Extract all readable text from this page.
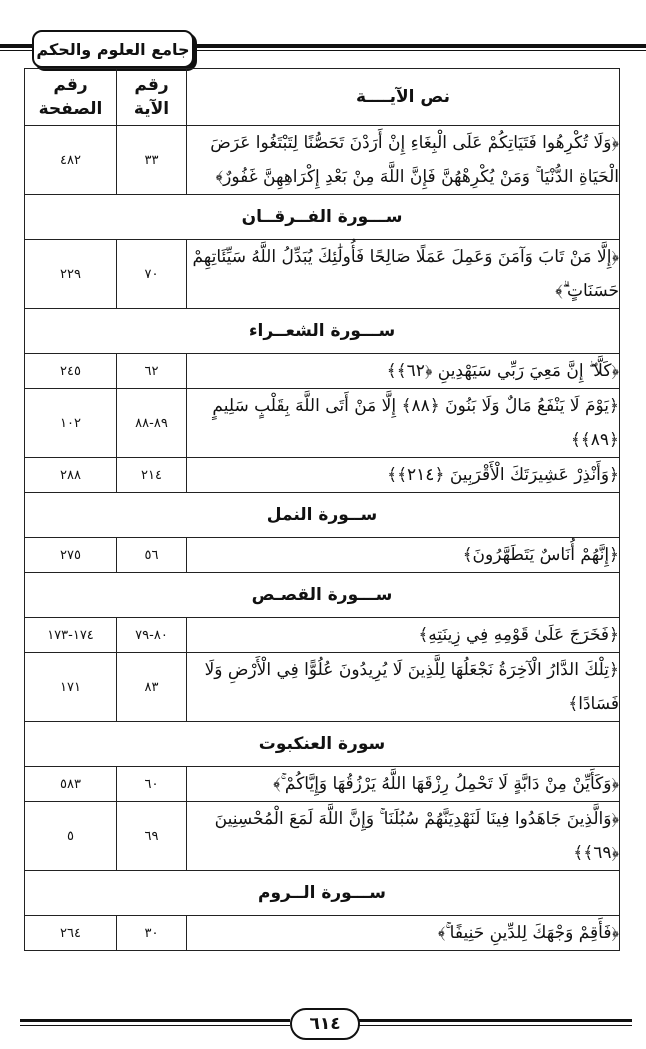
جامع العلوم والحكم
نص الآيــــة	رقم الآية	رقم الصفحة
﴿وَلَا تُكْرِهُوا فَتَيَاتِكُمْ عَلَى الْبِغَاءِ إِنْ أَرَدْنَ تَحَصُّنًا لِتَبْتَغُوا عَرَضَ الْحَيَاةِ الدُّنْيَا ۚ وَمَنْ يُكْرِهْهُنَّ فَإِنَّ اللَّهَ مِنْ بَعْدِ إِكْرَاهِهِنَّ غَفُورٌ﴾	٣٣	٤٨٢
ســـورة الفــرقــان		
﴿إِلَّا مَنْ تَابَ وَآمَنَ وَعَمِلَ عَمَلًا صَالِحًا فَأُولَٰئِكَ يُبَدِّلُ اللَّهُ سَيِّئَاتِهِمْ حَسَنَاتٍ ۗ﴾	٧٠	٢٢٩
ســـورة الشعــراء		
﴿كَلَّا ۖ إِنَّ مَعِيَ رَبِّي سَيَهْدِينِ ﴿٦٢﴾﴾	٦٢	٢٤٥
﴿يَوْمَ لَا يَنْفَعُ مَالٌ وَلَا بَنُونَ ﴿٨٨﴾ إِلَّا مَنْ أَتَى اللَّهَ بِقَلْبٍ سَلِيمٍ ﴿٨٩﴾﴾	٨٩-٨٨	١٠٢
﴿وَأَنْذِرْ عَشِيرَتَكَ الْأَقْرَبِينَ ﴿٢١٤﴾﴾	٢١٤	٢٨٨
ســورة النمل		
﴿إِنَّهُمْ أُنَاسٌ يَتَطَهَّرُونَ﴾	٥٦	٢٧٥
ســـورة القصـص		
﴿فَخَرَجَ عَلَىٰ قَوْمِهِ فِي زِينَتِهِ﴾	٨٠-٧٩	١٧٤-١٧٣
﴿تِلْكَ الدَّارُ الْآخِرَةُ نَجْعَلُهَا لِلَّذِينَ لَا يُرِيدُونَ عُلُوًّا فِي الْأَرْضِ وَلَا فَسَادًا﴾	٨٣	١٧١
سورة العنكبوت		
﴿وَكَأَيِّنْ مِنْ دَابَّةٍ لَا تَحْمِلُ رِزْقَهَا اللَّهُ يَرْزُقُهَا وَإِيَّاكُمْ ۚ﴾	٦٠	٥٨٣
﴿وَالَّذِينَ جَاهَدُوا فِينَا لَنَهْدِيَنَّهُمْ سُبُلَنَا ۚ وَإِنَّ اللَّهَ لَمَعَ الْمُحْسِنِينَ ﴿٦٩﴾﴾	٦٩	٥
ســـورة الــروم		
﴿فَأَقِمْ وَجْهَكَ لِلدِّينِ حَنِيفًا ۚ﴾	٣٠	٢٦٤
٦١٤
